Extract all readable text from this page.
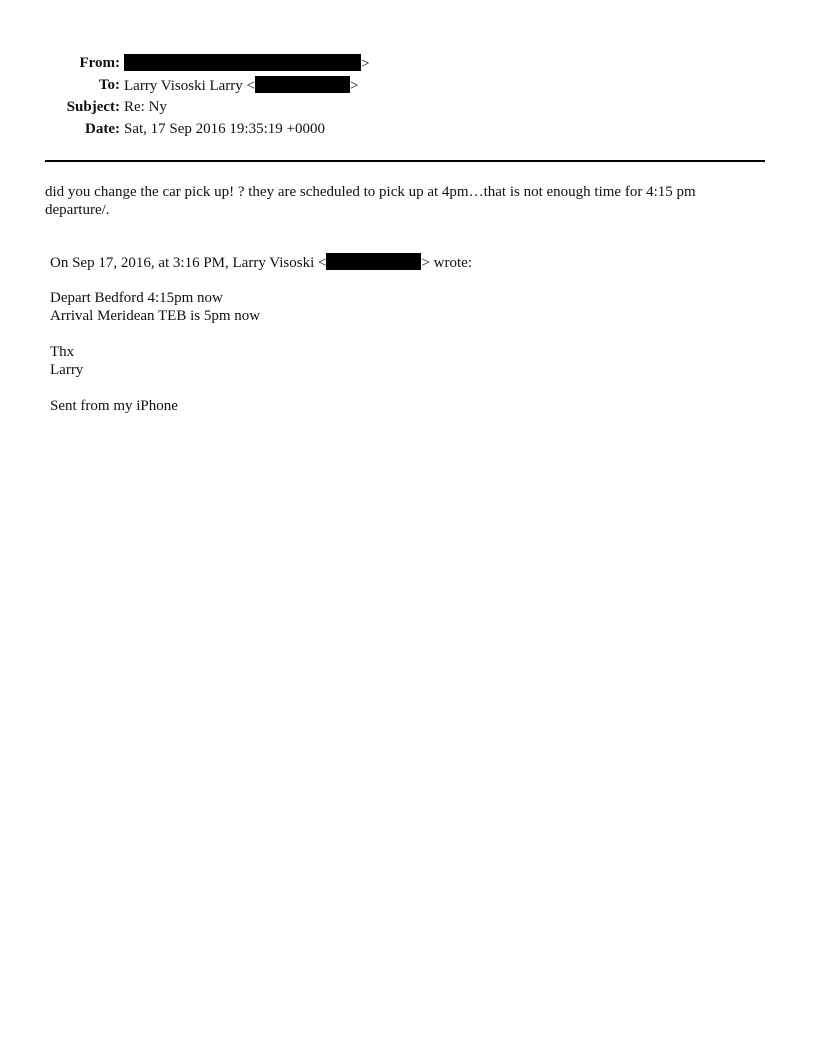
From:	>
To: Larry Visoski Larry <	>
Subject: Re: Ny
Date: Sat, 17 Sep 2016 19:35:19 +0000
did you change the car pick up! ? they are scheduled to pick up at 4pm…that is not enough time for 4:15 pm departure/.
On Sep 17, 2016, at 3:16 PM, Larry Visoski <	> wrote:
Depart Bedford 4:15pm now
Arrival Meridean TEB is 5pm now
Thx
Larry
Sent from my iPhone
